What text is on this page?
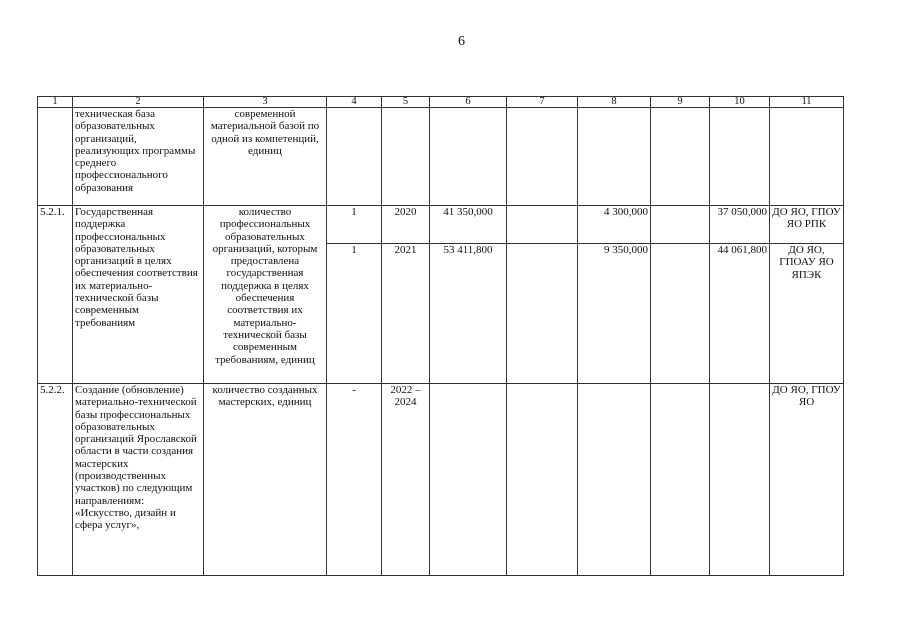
6
1	2	3	4	5	6	7	8	9	10	11
	техническая база образовательных организаций, реализующих программы среднего профессионального образования	современной материальной базой по одной из компетенций, единиц								
5.2.1.	Государственная поддержка профессиональных образовательных организаций в целях обеспечения соответствия их материально-технической базы современным требованиям	количество профессиональных образовательных организаций, которым предоставлена государственная поддержка в целях обеспечения соответствия их материально-технической базы современным требованиям, единиц	1	2020	41 350,000		4 300,000		37 050,000	ДО ЯО, ГПОУ ЯО РПК
			1	2021	53 411,800		9 350,000		44 061,800	ДО ЯО, ГПОАУ ЯО ЯПЭК
5.2.2.	Создание (обновление) материально-технической базы профессиональных образовательных организаций Ярославской области в части создания мастерских (производственных участков) по следующим направлениям: «Искусство, дизайн и сфера услуг»,	количество созданных мастерских, единиц	-	2022 – 2024						ДО ЯО, ГПОУ ЯО
